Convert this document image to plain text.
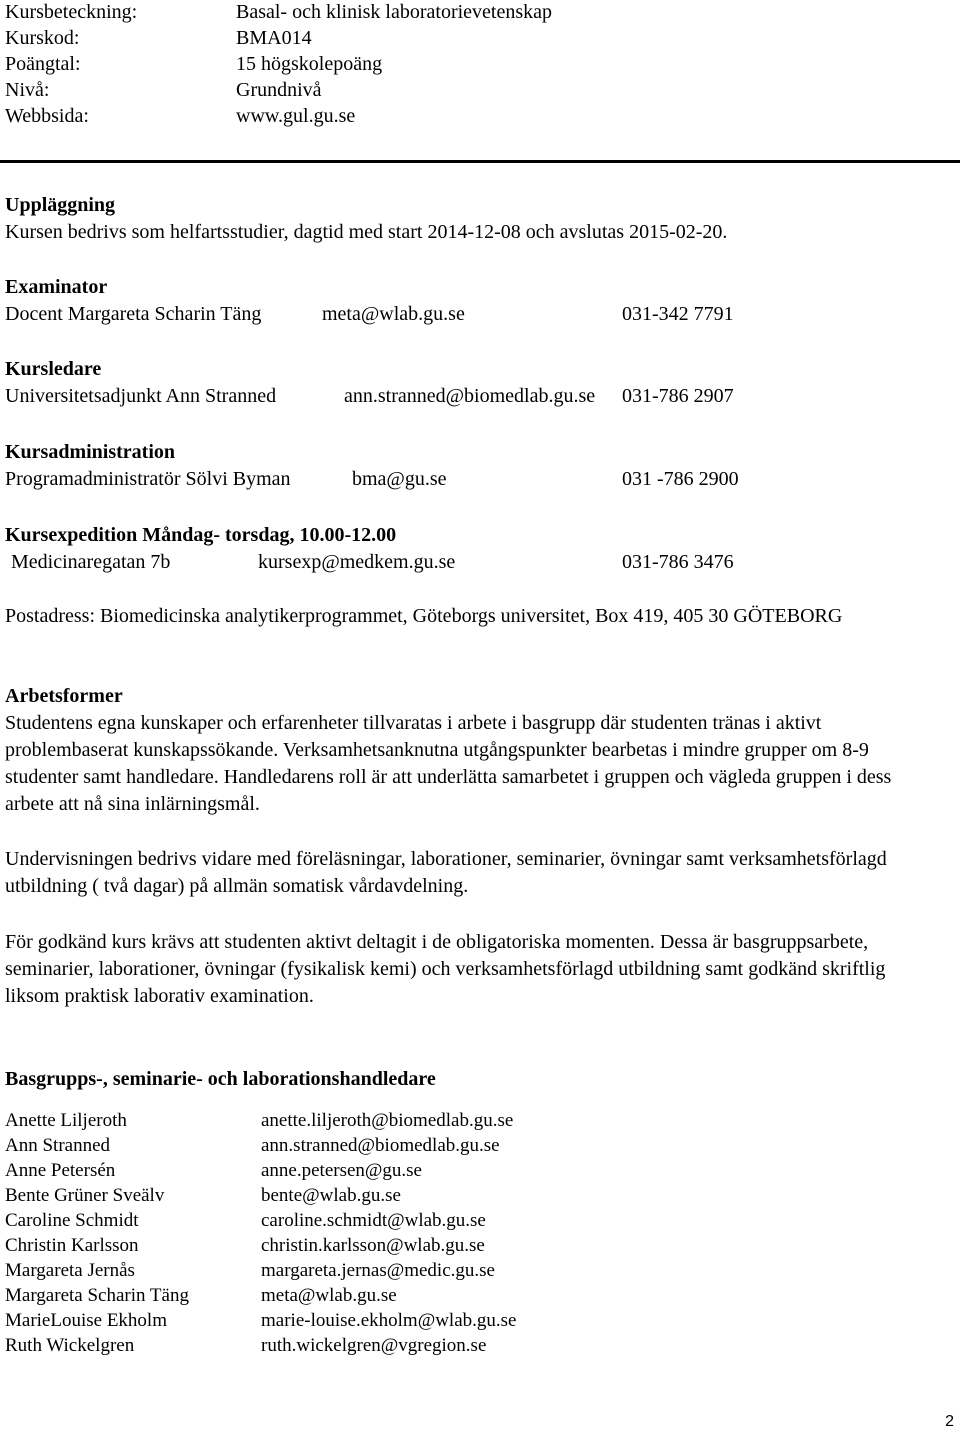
Kursbeteckning:	Basal- och klinisk laboratorievetenskap
Kurskod:	BMA014
Poängtal:	15 högskolepoäng
Nivå:	Grundnivå
Webbsida:	www.gul.gu.se
Uppläggning
Kursen bedrivs som helfartsstudier, dagtid med start 2014-12-08 och avslutas 2015-02-20.
Examinator
Docent Margareta Scharin Täng	meta@wlab.gu.se	031-342 7791
Kursledare
Universitetsadjunkt Ann Stranned	ann.stranned@biomedlab.gu.se 031-786 2907
Kursadministration
Programadministratör Sölvi Byman	bma@gu.se	031 -786 2900
Kursexpedition Måndag- torsdag, 10.00-12.00
Medicinaregatan 7b	kursexp@medkem.gu.se	031-786 3476
Postadress: Biomedicinska analytikerprogrammet, Göteborgs universitet, Box 419, 405 30 GÖTEBORG
Arbetsformer
Studentens egna kunskaper och erfarenheter tillvaratas i arbete i basgrupp där studenten tränas i aktivt problembaserat kunskapssökande. Verksamhetsanknutna utgångspunkter bearbetas i mindre grupper om 8-9 studenter samt handledare. Handledarens roll är att underlätta samarbetet i gruppen och vägleda gruppen i dess arbete att nå sina inlärningsmål.
Undervisningen bedrivs vidare med föreläsningar, laborationer, seminarier, övningar samt verksamhetsförlagd utbildning ( två dagar) på allmän somatisk vårdavdelning.
För godkänd kurs krävs att studenten aktivt deltagit i de obligatoriska momenten. Dessa är basgruppsarbete, seminarier, laborationer, övningar (fysikalisk kemi) och verksamhetsförlagd utbildning samt godkänd skriftlig liksom praktisk laborativ examination.
Basgrupps-, seminarie- och laborationshandledare
Anette Liljeroth	anette.liljeroth@biomedlab.gu.se
Ann Stranned	ann.stranned@biomedlab.gu.se
Anne Petersén	anne.petersen@gu.se
Bente Grüner Sveälv	bente@wlab.gu.se
Caroline Schmidt	caroline.schmidt@wlab.gu.se
Christin Karlsson	christin.karlsson@wlab.gu.se
Margareta Jernås	margareta.jernas@medic.gu.se
Margareta Scharin Täng	meta@wlab.gu.se
MarieLouise Ekholm	marie-louise.ekholm@wlab.gu.se
Ruth Wickelgren	ruth.wickelgren@vgregion.se
2
